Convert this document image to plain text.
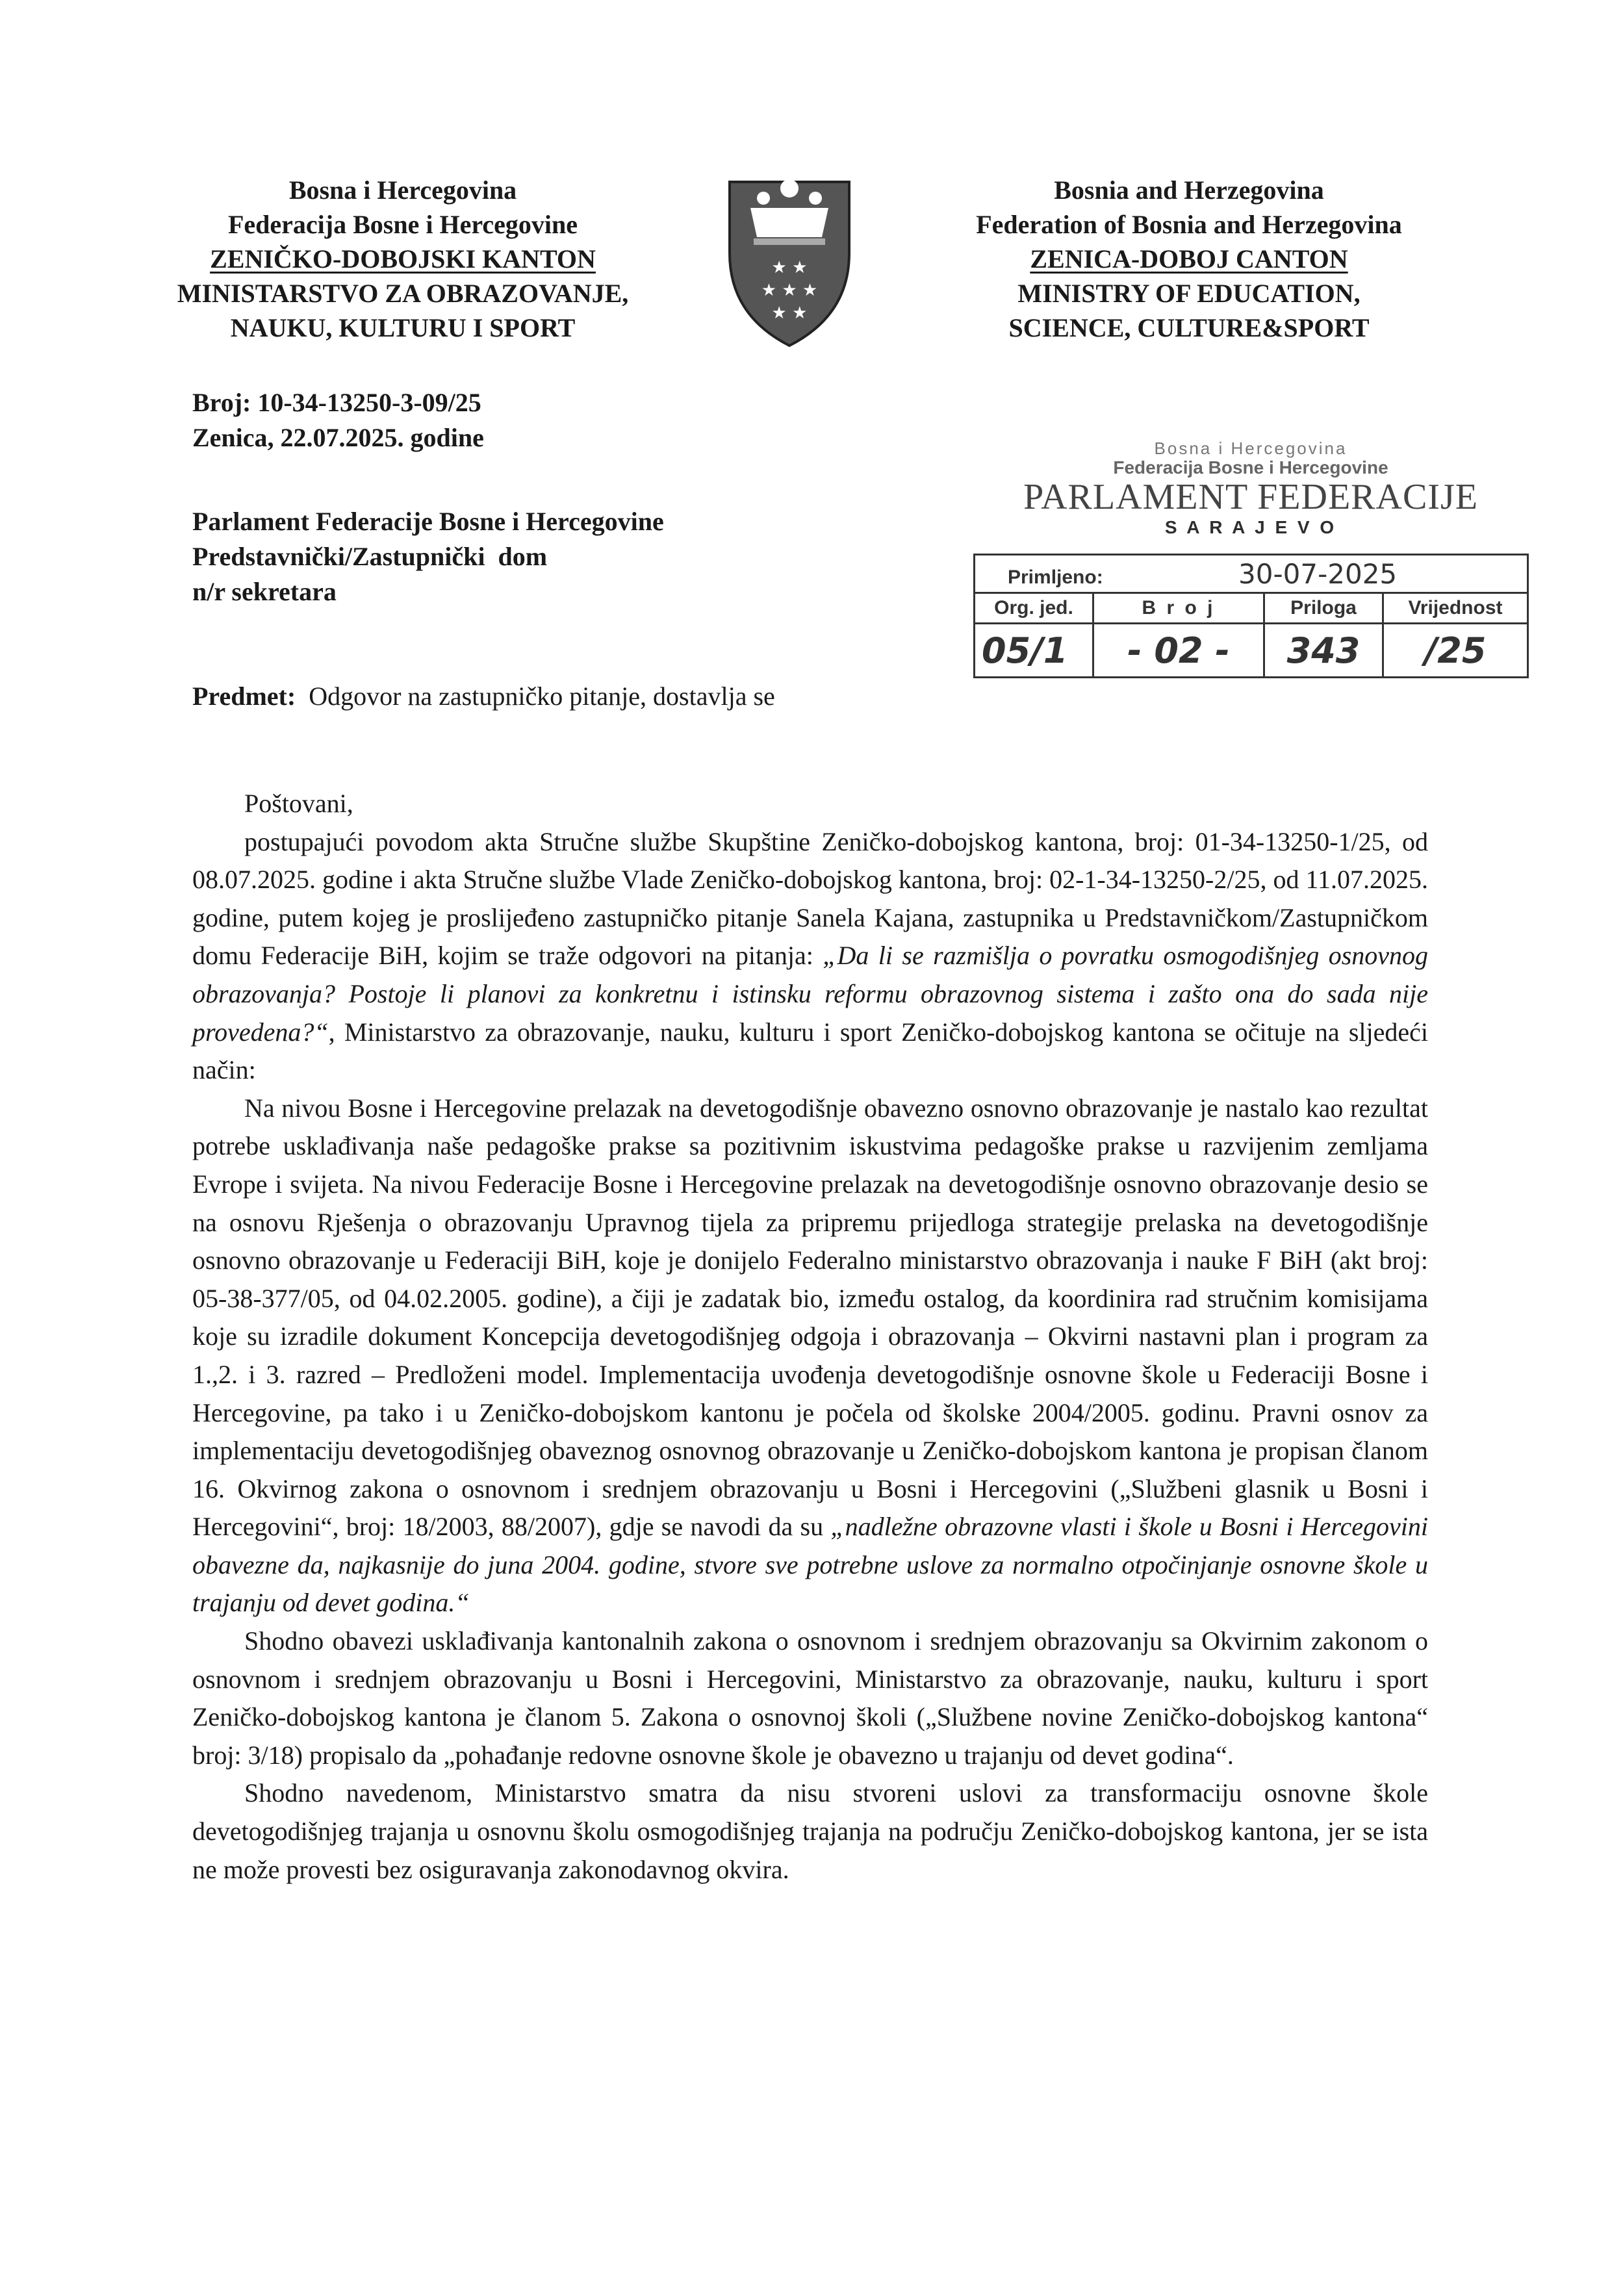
Bosna i Hercegovina
Federacija Bosne i Hercegovine
ZENIČKO-DOBOJSKI KANTON
MINISTARSTVO ZA OBRAZOVANJE,
NAUKU, KULTURU I SPORT
★ ★
★ ★ ★
★ ★
Bosnia and Herzegovina
Federation of Bosnia and Herzegovina
ZENICA-DOBOJ CANTON
MINISTRY OF EDUCATION,
SCIENCE, CULTURE&SPORT
Broj: 10-34-13250-3-09/25
Zenica, 22.07.2025. godine
Parlament Federacije Bosne i Hercegovine
Predstavnički/Zastupnički  dom
n/r sekretara
Predmet: Odgovor na zastupničko pitanje, dostavlja se
Bosna i Hercegovina
Federacija Bosne i Hercegovine
PARLAMENT FEDERACIJE
S A R A J E V O
Primljeno: 30-07-2025			
Org. jed.	B r o j	Priloga	Vrijednost
05/1	- 02 -	343	/25

Poštovani,

postupajući povodom akta Stručne službe Skupštine Zeničko-dobojskog kantona, broj: 01-34-13250-1/25, od 08.07.2025. godine i akta Stručne službe Vlade Zeničko-dobojskog kantona, broj: 02-1-34-13250-2/25, od 11.07.2025. godine, putem kojeg je proslijeđeno zastupničko pitanje Sanela Kajana, zastupnika u Predstavničkom/Zastupničkom domu Federacije BiH, kojim se traže odgovori na pitanja: „Da li se razmišlja o povratku osmogodišnjeg osnovnog obrazovanja? Postoje li planovi za konkretnu i istinsku reformu obrazovnog sistema i zašto ona do sada nije provedena?“, Ministarstvo za obrazovanje, nauku, kulturu i sport Zeničko-dobojskog kantona se očituje na sljedeći način:

Na nivou Bosne i Hercegovine prelazak na devetogodišnje obavezno osnovno obrazovanje je nastalo kao rezultat potrebe usklađivanja naše pedagoške prakse sa pozitivnim iskustvima pedagoške prakse u razvijenim zemljama Evrope i svijeta. Na nivou Federacije Bosne i Hercegovine prelazak na devetogodišnje osnovno obrazovanje desio se na osnovu Rješenja o obrazovanju Upravnog tijela za pripremu prijedloga strategije prelaska na devetogodišnje osnovno obrazovanje u Federaciji BiH, koje je donijelo Federalno ministarstvo obrazovanja i nauke F BiH (akt broj: 05-38-377/05, od 04.02.2005. godine), a čiji je zadatak bio, između ostalog, da koordinira rad stručnim komisijama koje su izradile dokument Koncepcija devetogodišnjeg odgoja i obrazovanja – Okvirni nastavni plan i program za 1.,2. i 3. razred – Predloženi model. Implementacija uvođenja devetogodišnje osnovne škole u Federaciji Bosne i Hercegovine, pa tako i u Zeničko-dobojskom kantonu je počela od školske 2004/2005. godinu. Pravni osnov za implementaciju devetogodišnjeg obaveznog osnovnog obrazovanje u Zeničko-dobojskom kantona je propisan članom 16. Okvirnog zakona o osnovnom i srednjem obrazovanju u Bosni i Hercegovini („Službeni glasnik u Bosni i Hercegovini“, broj: 18/2003, 88/2007), gdje se navodi da su „nadležne obrazovne vlasti i škole u Bosni i Hercegovini obavezne da, najkasnije do juna 2004. godine, stvore sve potrebne uslove za normalno otpočinjanje osnovne škole u trajanju od devet godina.“

Shodno obavezi usklađivanja kantonalnih zakona o osnovnom i srednjem obrazovanju sa Okvirnim zakonom o osnovnom i srednjem obrazovanju u Bosni i Hercegovini, Ministarstvo za obrazovanje, nauku, kulturu i sport Zeničko-dobojskog kantona je članom 5. Zakona o osnovnoj školi („Službene novine Zeničko-dobojskog kantona“ broj: 3/18) propisalo da „pohađanje redovne osnovne škole je obavezno u trajanju od devet godina“.

Shodno navedenom, Ministarstvo smatra da nisu stvoreni uslovi za transformaciju osnovne škole devetogodišnjeg trajanja u osnovnu školu osmogodišnjeg trajanja na području Zeničko-dobojskog kantona, jer se ista ne može provesti bez osiguravanja zakonodavnog okvira.
